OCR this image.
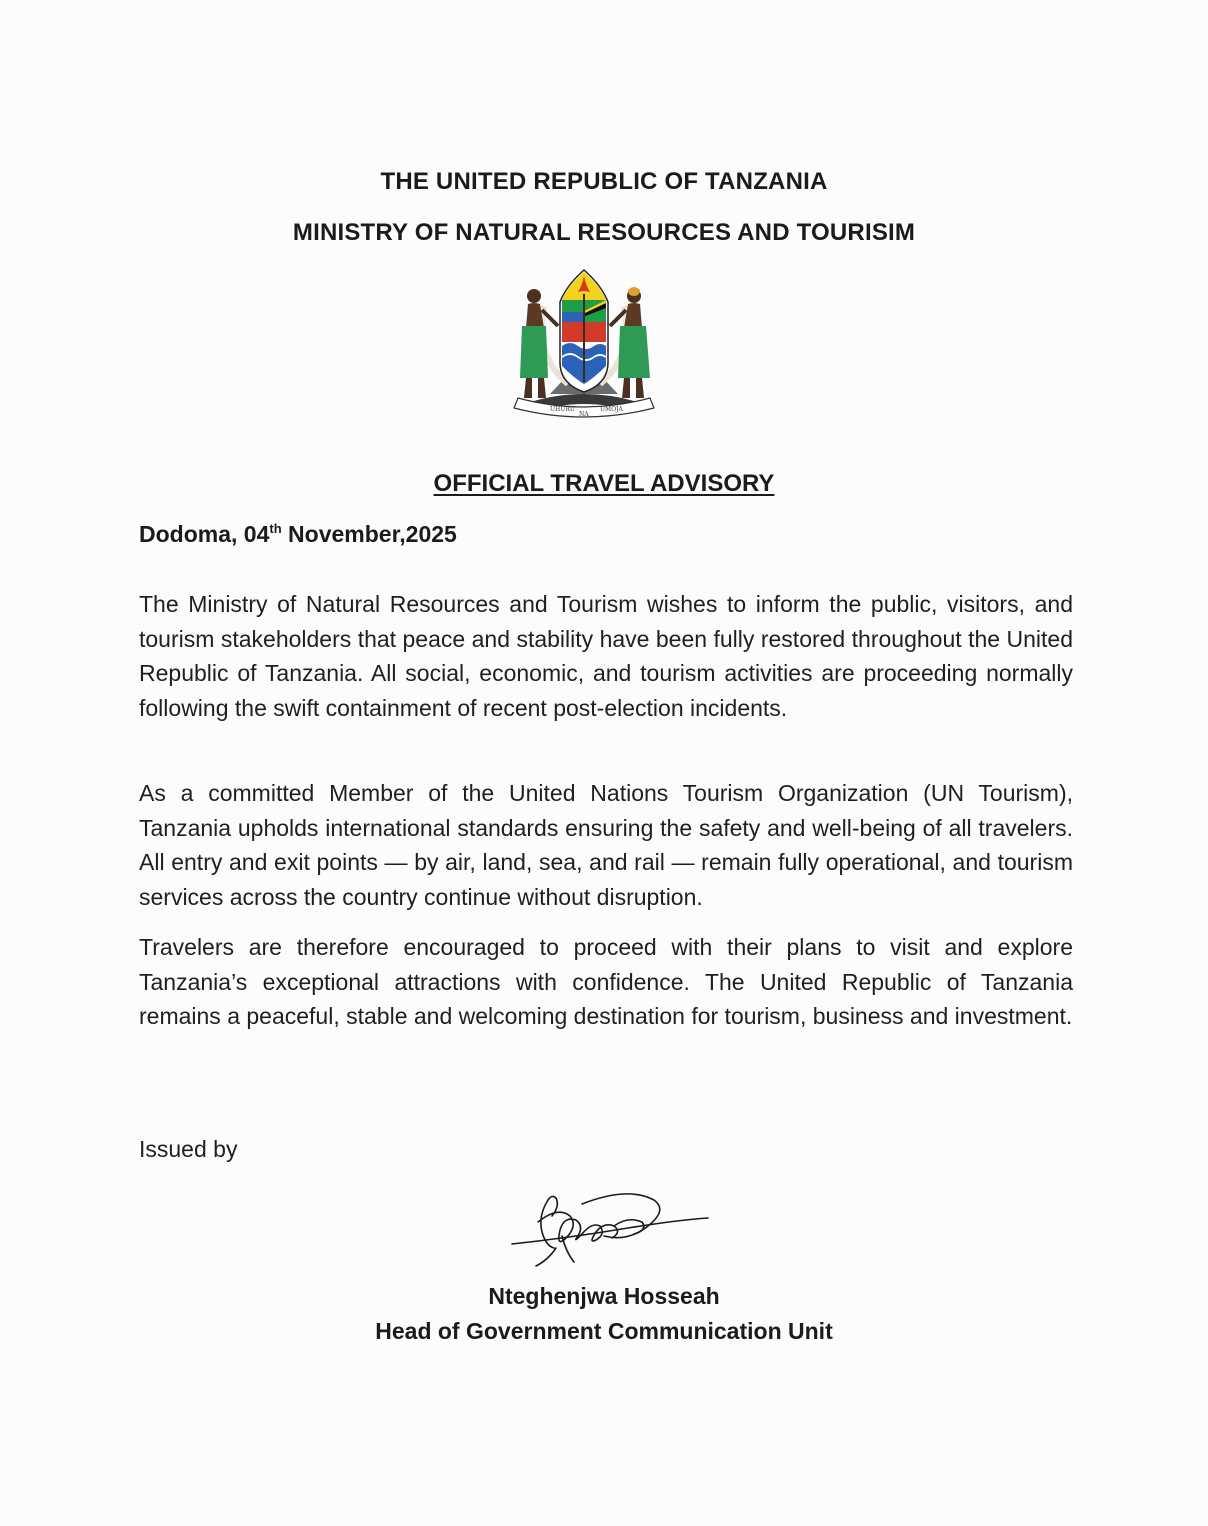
THE UNITED REPUBLIC OF TANZANIA
MINISTRY OF NATURAL RESOURCES AND TOURISIM
UHURU
NA
UMOJA
OFFICIAL TRAVEL ADVISORY
Dodoma, 04th November,2025
The Ministry of Natural Resources and Tourism wishes to inform the public, visitors, and tourism stakeholders that peace and stability have been fully restored throughout the United Republic of Tanzania. All social, economic, and tourism activities are proceeding normally following the swift containment of recent post-election incidents.
As a committed Member of the United Nations Tourism Organization (UN Tourism), Tanzania upholds international standards ensuring the safety and well-being of all travelers. All entry and exit points — by air, land, sea, and rail — remain fully operational, and tourism services across the country continue without disruption.
Travelers are therefore encouraged to proceed with their plans to visit and explore Tanzania’s exceptional attractions with confidence. The United Republic of Tanzania remains a peaceful, stable and welcoming destination for tourism, business and investment.
Issued by
Nteghenjwa Hosseah
Head of Government Communication Unit
